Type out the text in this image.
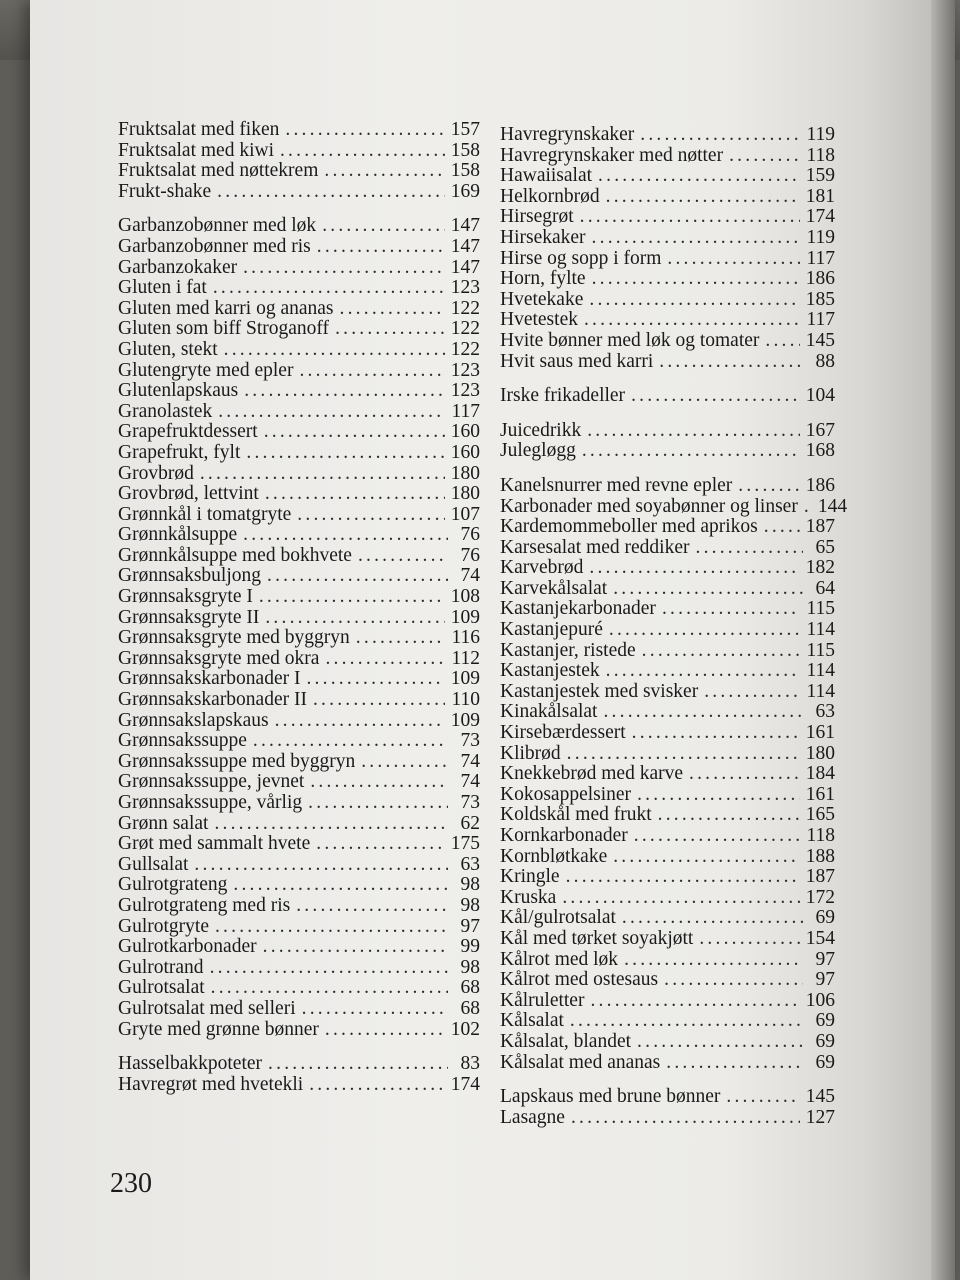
Fruktsalat med fiken .....	157
Fruktsalat med kiwi .....	158
Fruktsalat med nøttekrem .....	158
Frukt-shake .....	169
Garbanzobønner med løk .....	147
Garbanzobønner med ris .....	147
Garbanzokaker .....	147
Gluten i fat .....	123
Gluten med karri og ananas .....	122
Gluten som biff Stroganoff .....	122
Gluten, stekt .....	122
Glutengryte med epler .....	123
Glutenlapskaus .....	123
Granolastek .....	117
Grapefruktdessert .....	160
Grapefrukt, fylt .....	160
Grovbrød .....	180
Grovbrød, lettvint .....	180
Grønnkål i tomatgryte .....	107
Grønnkålsuppe .....	76
Grønnkålsuppe med bokhvete .....	76
Grønnsaksbuljong .....	74
Grønnsaksgryte I .....	108
Grønnsaksgryte II .....	109
Grønnsaksgryte med byggryn .....	116
Grønnsaksgryte med okra .....	112
Grønnsakskarbonader I .....	109
Grønnsakskarbonader II .....	110
Grønnsakslapskaus .....	109
Grønnsakssuppe .....	73
Grønnsakssuppe med byggryn .....	74
Grønnsakssuppe, jevnet .....	74
Grønnsakssuppe, vårlig .....	73
Grønn salat .....	62
Grøt med sammalt hvete .....	175
Gullsalat .....	63
Gulrotgrateng .....	98
Gulrotgrateng med ris .....	98
Gulrotgryte .....	97
Gulrotkarbonader .....	99
Gulrotrand .....	98
Gulrotsalat .....	68
Gulrotsalat med selleri .....	68
Gryte med grønne bønner .....	102
Hasselbakkpoteter .....	83
Havregrøt med hvetekli .....	174
Havregrynskaker .....	119
Havregrynskaker med nøtter .....	118
Hawaiisalat .....	159
Helkornbrød .....	181
Hirsegrøt .....	174
Hirsekaker .....	119
Hirse og sopp i form .....	117
Horn, fylte .....	186
Hvetekake .....	185
Hvetestek .....	117
Hvite bønner med løk og tomater ..... 145
Hvit saus med karri .....	88
Irske frikadeller .....	104
Juicedrikk .....	167
Julegløgg .....	168
Kanelsnurrer med revne epler .....	186
Karbonader med soyabønner og linser ..... 144
Kardemommeboller med aprikos ..... 187
Karsesalat med reddiker .....	65
Karvebrød .....	182
Karvekålsalat .....	64
Kastanjekarbonader .....	115
Kastanjepuré .....	114
Kastanjer, ristede .....	115
Kastanjestek .....	114
Kastanjestek med svisker .....	114
Kinakålsalat .....	63
Kirsebærdessert .....	161
Klibrød .....	180
Knekkebrød med karve .....	184
Kokosappelsiner .....	161
Koldskål med frukt .....	165
Kornkarbonader .....	118
Kornbløtkake .....	188
Kringle .....	187
Kruska .....	172
Kål/gulrotsalat .....	69
Kål med tørket soyakjøtt .....	154
Kålrot med løk .....	97
Kålrot med ostesaus .....	97
Kålruletter .....	106
Kålsalat .....	69
Kålsalat, blandet .....	69
Kålsalat med ananas .....	69
Lapskaus med brune bønner .....	145
Lasagne .....	127
230
